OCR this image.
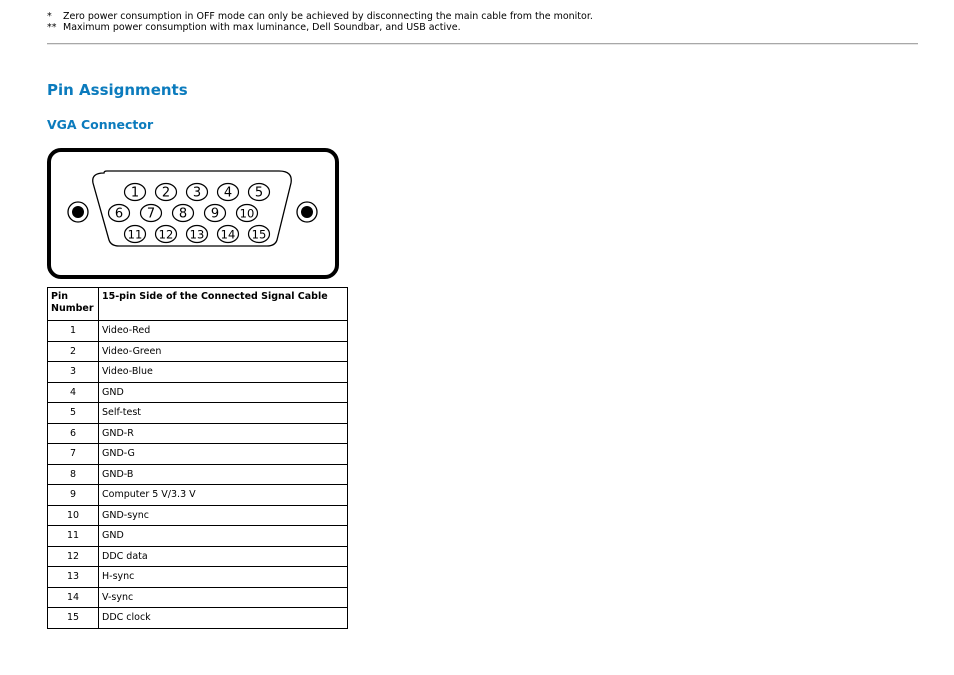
* Zero power consumption in OFF mode can only be achieved by disconnecting the main cable from the monitor.
** Maximum power consumption with max luminance, Dell Soundbar, and USB active.
Pin Assignments
VGA Connector
1 2 3 4 5
6 7 8 9 10
11 12 13 14 15
Pin Number	15-pin Side of the Connected Signal Cable
1	Video-Red
2	Video-Green
3	Video-Blue
4	GND
5	Self-test
6	GND-R
7	GND-G
8	GND-B
9	Computer 5 V/3.3 V
10	GND-sync
11	GND
12	DDC data
13	H-sync
14	V-sync
15	DDC clock
